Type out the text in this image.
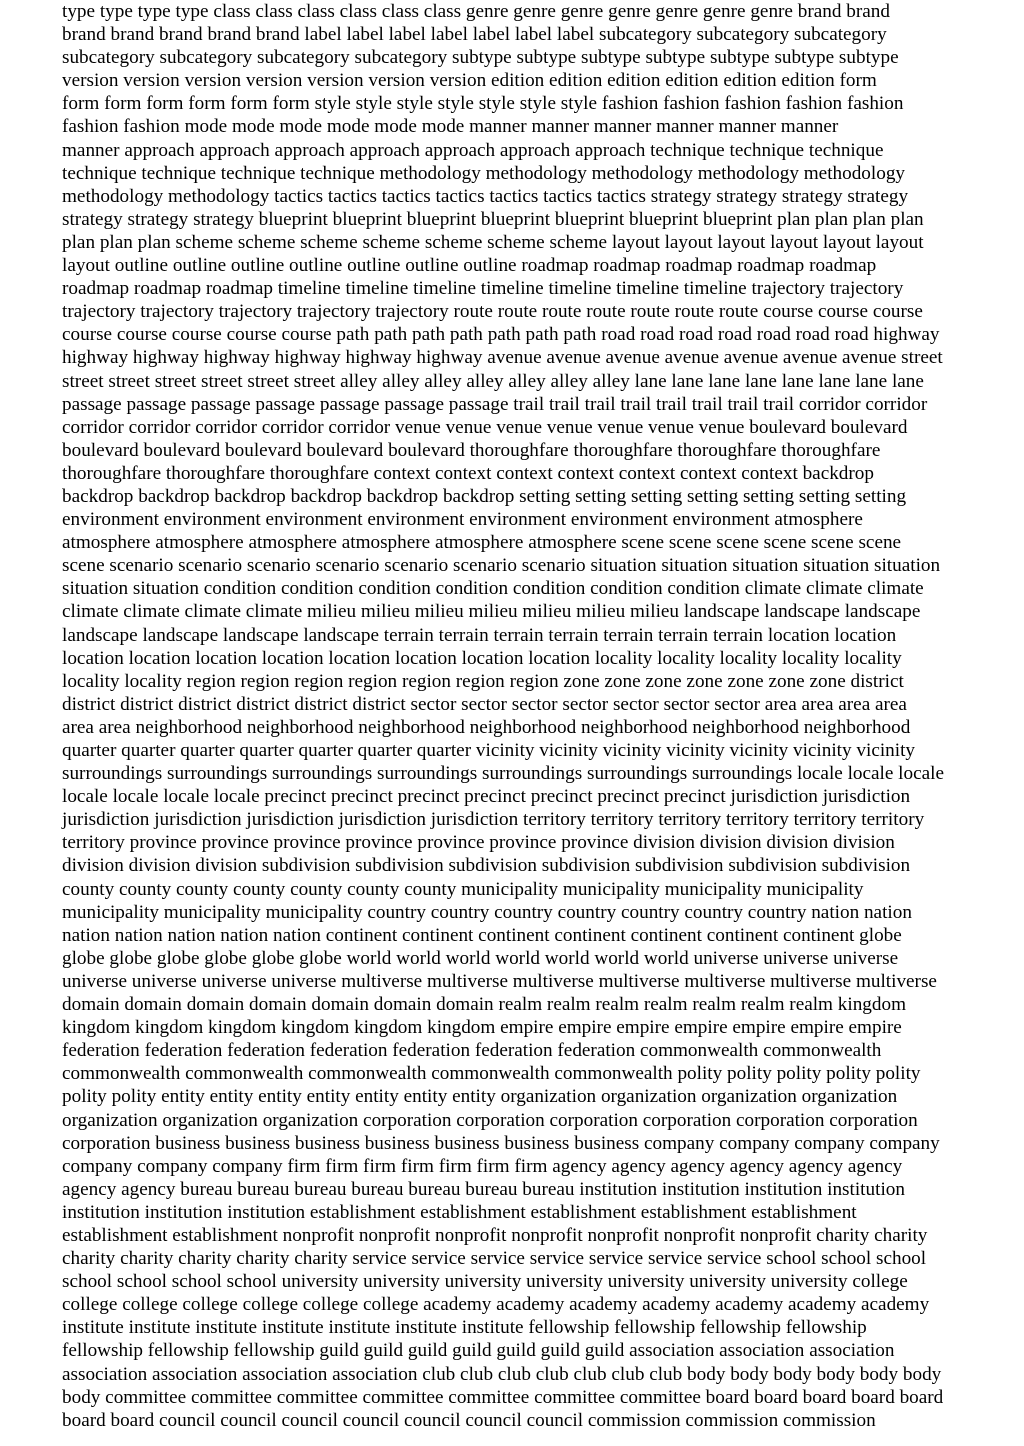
type type type type class class class class class class genre genre genre genre genre genre genre brand brand
brand brand brand brand brand label label label label label label label subcategory subcategory subcategory
subcategory subcategory subcategory subcategory subtype subtype subtype subtype subtype subtype subtype
version version version version version version version edition edition edition edition edition edition form
form form form form form form style style style style style style style fashion fashion fashion fashion fashion
fashion fashion mode mode mode mode mode mode manner manner manner manner manner manner
manner approach approach approach approach approach approach approach technique technique technique
technique technique technique technique methodology methodology methodology methodology methodology
methodology methodology tactics tactics tactics tactics tactics tactics tactics strategy strategy strategy strategy
strategy strategy strategy blueprint blueprint blueprint blueprint blueprint blueprint blueprint plan plan plan plan
plan plan plan scheme scheme scheme scheme scheme scheme scheme layout layout layout layout layout layout
layout outline outline outline outline outline outline outline roadmap roadmap roadmap roadmap roadmap
roadmap roadmap roadmap timeline timeline timeline timeline timeline timeline timeline trajectory trajectory
trajectory trajectory trajectory trajectory trajectory route route route route route route route course course course
course course course course course path path path path path path path road road road road road road road highway
highway highway highway highway highway highway avenue avenue avenue avenue avenue avenue avenue street
street street street street street street alley alley alley alley alley alley alley lane lane lane lane lane lane lane lane
passage passage passage passage passage passage passage trail trail trail trail trail trail trail trail corridor corridor
corridor corridor corridor corridor corridor venue venue venue venue venue venue venue boulevard boulevard
boulevard boulevard boulevard boulevard boulevard thoroughfare thoroughfare thoroughfare thoroughfare
thoroughfare thoroughfare thoroughfare context context context context context context context backdrop
backdrop backdrop backdrop backdrop backdrop backdrop setting setting setting setting setting setting setting
environment environment environment environment environment environment environment atmosphere
atmosphere atmosphere atmosphere atmosphere atmosphere atmosphere scene scene scene scene scene scene
scene scenario scenario scenario scenario scenario scenario scenario situation situation situation situation situation
situation situation condition condition condition condition condition condition condition climate climate climate
climate climate climate climate milieu milieu milieu milieu milieu milieu milieu landscape landscape landscape
landscape landscape landscape landscape terrain terrain terrain terrain terrain terrain terrain location location
location location location location location location location location locality locality locality locality locality
locality locality region region region region region region region zone zone zone zone zone zone zone district
district district district district district district sector sector sector sector sector sector sector area area area area
area area neighborhood neighborhood neighborhood neighborhood neighborhood neighborhood neighborhood
quarter quarter quarter quarter quarter quarter quarter vicinity vicinity vicinity vicinity vicinity vicinity vicinity
surroundings surroundings surroundings surroundings surroundings surroundings surroundings locale locale locale
locale locale locale locale precinct precinct precinct precinct precinct precinct precinct jurisdiction jurisdiction
jurisdiction jurisdiction jurisdiction jurisdiction jurisdiction territory territory territory territory territory territory
territory province province province province province province province division division division division
division division division subdivision subdivision subdivision subdivision subdivision subdivision subdivision
county county county county county county county municipality municipality municipality municipality
municipality municipality municipality country country country country country country country nation nation
nation nation nation nation nation continent continent continent continent continent continent continent globe
globe globe globe globe globe globe world world world world world world world universe universe universe
universe universe universe universe multiverse multiverse multiverse multiverse multiverse multiverse multiverse
domain domain domain domain domain domain domain realm realm realm realm realm realm realm kingdom
kingdom kingdom kingdom kingdom kingdom kingdom empire empire empire empire empire empire empire
federation federation federation federation federation federation federation commonwealth commonwealth
commonwealth commonwealth commonwealth commonwealth commonwealth polity polity polity polity polity
polity polity entity entity entity entity entity entity entity organization organization organization organization
organization organization organization corporation corporation corporation corporation corporation corporation
corporation business business business business business business business company company company company
company company company firm firm firm firm firm firm firm agency agency agency agency agency agency
agency agency bureau bureau bureau bureau bureau bureau bureau institution institution institution institution
institution institution institution establishment establishment establishment establishment establishment
establishment establishment nonprofit nonprofit nonprofit nonprofit nonprofit nonprofit nonprofit charity charity
charity charity charity charity charity service service service service service service service school school school
school school school school university university university university university university university college
college college college college college college academy academy academy academy academy academy academy
institute institute institute institute institute institute institute fellowship fellowship fellowship fellowship
fellowship fellowship fellowship guild guild guild guild guild guild guild association association association
association association association association club club club club club club club body body body body body body
body committee committee committee committee committee committee committee board board board board board
board board council council council council council council council commission commission commission
